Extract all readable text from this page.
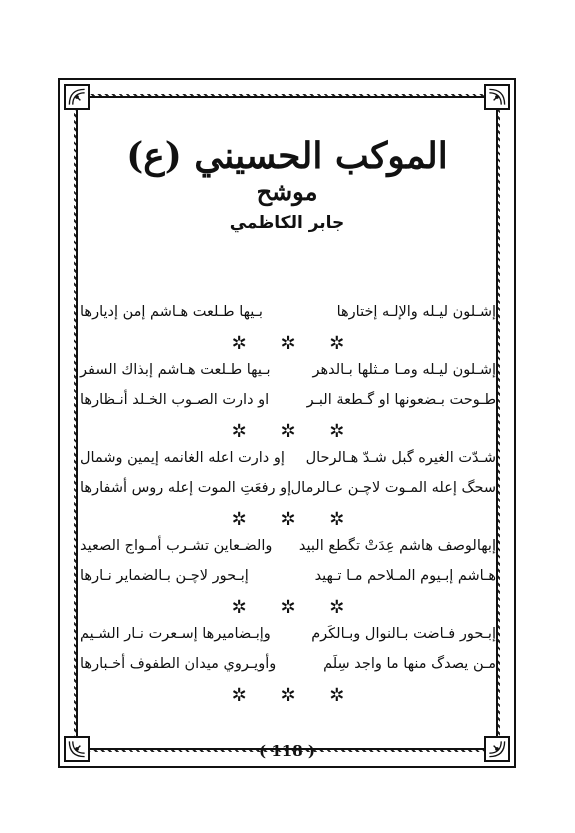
الموكب الحسيني (ع)
موشح
جابر الكاظمي
إشـلون ليـله والإلـه إختارها
بـيها طـلعت هـاشم إمن إديارها
✲ ✲ ✲
إشـلون ليـله ومـا مـثلها بـالدهر
بـيها طـلعت هـاشم إبذاك السفر
طـوحت بـضعونها او گـطعة البـر
او دارت الصـوب الخـلد أنـظارها
✲ ✲ ✲
شـدّت الغيره گبل شـدّ هـالرحال
إو دارت اعله الغانمه إيمين وشمال
سحگ إعله المـوت لاچـن عـالرمال
إو رفعَتِ الموت إعله روس أشفارها
✲ ✲ ✲
إبهالوصف هاشم عِدَتْ تگطع البيد
والضـعاين تشـرب أمـواج الصعيد
هـاشم إبـيوم المـلاحم مـا تـهيد
إبـحور لاچـن بـالضماير نـارها
✲ ✲ ✲
إبـحور فـاضت بـالنوال وبـالكَرم
وإبـضاميرها إسـعرت نـار الشـيم
مـن يصدگ منها ما واجد سِلَم
وأويـروي ميدان الطفوف أخـبارها
✲ ✲ ✲
( 118 )
